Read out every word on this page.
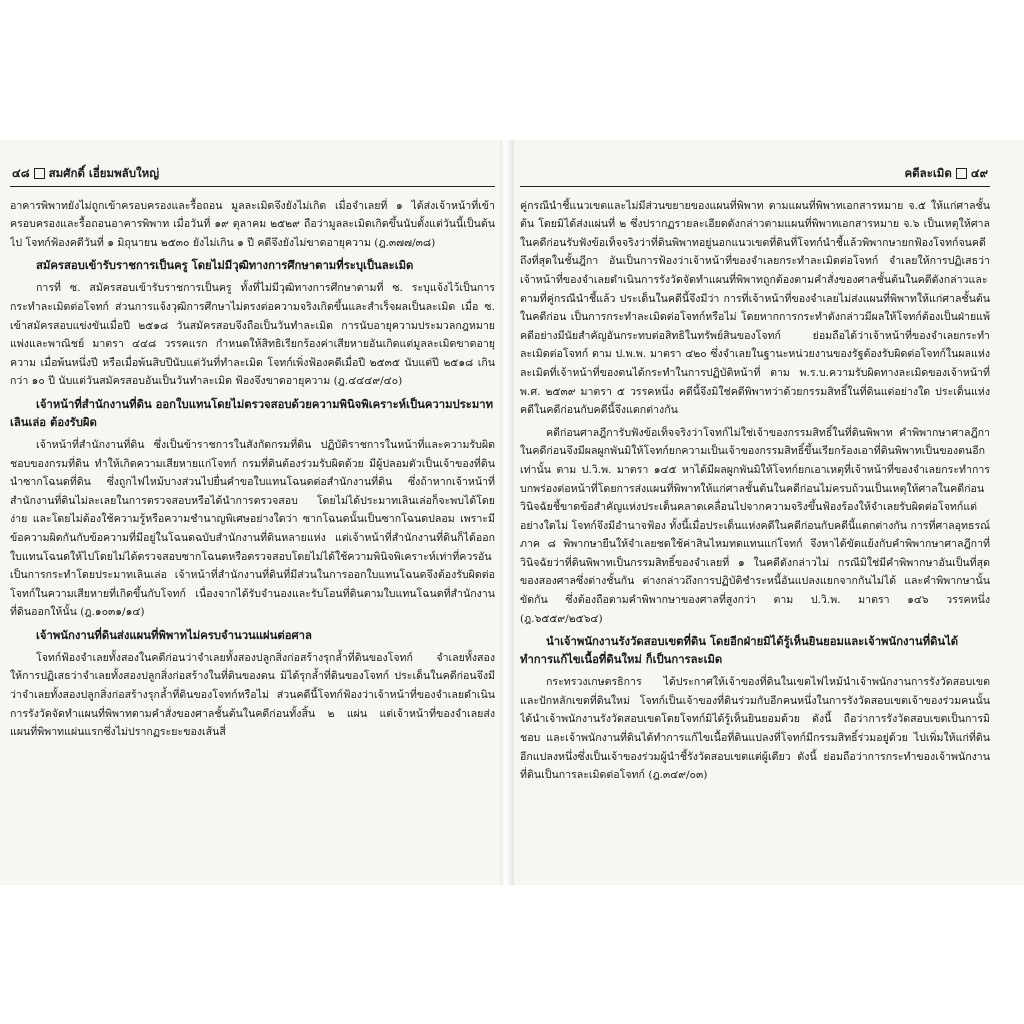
๔๘ สมศักดิ์ เอี่ยมพลับใหญ่

อาคารพิพาทยังไม่ถูกเข้าครอบครองและรื้อถอน มูลละเมิดจึงยังไม่เกิด เมื่อจำเลยที่ ๑ ได้ส่งเจ้าหน้าที่เข้าครอบครองและรื้อถอนอาคารพิพาท เมื่อวันที่ ๑๙ ตุลาคม ๒๕๒๙ ถือว่ามูลละเมิดเกิดขึ้นนับตั้งแต่วันนี้เป็นต้นไป โจทก์ฟ้องคดีวันที่ ๑ มิถุนายน ๒๕๓๐ ยังไม่เกิน ๑ ปี คดีจึงยังไม่ขาดอายุความ (ฎ.๓๗๗/๓๘)

สมัครสอบเข้ารับราชการเป็นครู โดยไม่มีวุฒิทางการศึกษาตามที่ระบุเป็นละเมิด

การที่ ซ. สมัครสอบเข้ารับราชการเป็นครู ทั้งที่ไม่มีวุฒิทางการศึกษาตามที่ ซ. ระบุแจ้งไว้เป็นการกระทำละเมิดต่อโจทก์ ส่วนการแจ้งวุฒิการศึกษาไม่ตรงต่อความจริงเกิดขึ้นและสำเร็จผลเป็นละเมิด เมื่อ ซ. เข้าสมัครสอบแข่งขันเมื่อปี ๒๕๑๘ วันสมัครสอบจึงถือเป็นวันทำละเมิด การนับอายุความประมวลกฎหมายแพ่งและพาณิชย์ มาตรา ๔๔๘ วรรคแรก กำหนดให้สิทธิเรียกร้องค่าเสียหายอันเกิดแต่มูลละเมิดขาดอายุความ เมื่อพ้นหนึ่งปี หรือเมื่อพ้นสิบปีนับแต่วันที่ทำละเมิด โจทก์เพิ่งฟ้องคดีเมื่อปี ๒๕๓๕ นับแต่ปี ๒๕๑๘ เกินกว่า ๑๐ ปี นับแต่วันสมัครสอบอันเป็นวันทำละเมิด ฟ้องจึงขาดอายุความ (ฎ.๔๔๔๙/๔๐)

เจ้าหน้าที่สำนักงานที่ดิน ออกใบแทนโดยไม่ตรวจสอบด้วยความพินิจพิเคราะห์เป็นความประมาทเลินเล่อ ต้องรับผิด

เจ้าหน้าที่สำนักงานที่ดิน ซึ่งเป็นข้าราชการในสังกัดกรมที่ดิน ปฏิบัติราชการในหน้าที่และความรับผิดชอบของกรมที่ดิน ทำให้เกิดความเสียหายแก่โจทก์ กรมที่ดินต้องร่วมรับผิดด้วย มีผู้ปลอมตัวเป็นเจ้าของที่ดินนำซากโฉนดที่ดิน ซึ่งถูกไฟไหม้บางส่วนไปยื่นคำขอใบแทนโฉนดต่อสำนักงานที่ดิน ซึ่งถ้าหากเจ้าหน้าที่สำนักงานที่ดินไม่ละเลยในการตรวจสอบหรือได้นำการตรวจสอบ โดยไม่ได้ประมาทเลินเล่อก็จะพบได้โดยง่าย และโดยไม่ต้องใช้ความรู้หรือความชำนาญพิเศษอย่างใดว่า ซากโฉนดนั้นเป็นซากโฉนดปลอม เพราะมีข้อความผิดกันกับข้อความที่มีอยู่ในโฉนดฉบับสำนักงานที่ดินหลายแห่ง แต่เจ้าหน้าที่สำนักงานที่ดินก็ได้ออกใบแทนโฉนดให้ไปโดยไม่ได้ตรวจสอบซากโฉนดหรือตรวจสอบโดยไม่ได้ใช้ความพินิจพิเคราะห์เท่าที่ควรอันเป็นการกระทำโดยประมาทเลินเล่อ เจ้าหน้าที่สำนักงานที่ดินที่มีส่วนในการออกใบแทนโฉนดจึงต้องรับผิดต่อโจทก์ในความเสียหายที่เกิดขึ้นกับโจทก์ เนื่องจากได้รับจำนองและรับโอนที่ดินตามใบแทนโฉนดที่สำนักงานที่ดินออกให้นั้น (ฎ.๑๐๓๑/๑๔)

เจ้าพนักงานที่ดินส่งแผนที่พิพาทไม่ครบจำนวนแผ่นต่อศาล

โจทก์ฟ้องจำเลยทั้งสองในคดีก่อนว่าจำเลยทั้งสองปลูกสิ่งก่อสร้างรุกล้ำที่ดินของโจทก์ จำเลยทั้งสองให้การปฏิเสธว่าจำเลยทั้งสองปลูกสิ่งก่อสร้างในที่ดินของตน มิได้รุกล้ำที่ดินของโจทก์ ประเด็นในคดีก่อนจึงมีว่าจำเลยทั้งสองปลูกสิ่งก่อสร้างรุกล้ำที่ดินของโจทก์หรือไม่ ส่วนคดีนี้โจทก์ฟ้องว่าเจ้าหน้าที่ของจำเลยดำเนินการรังวัดจัดทำแผนที่พิพาทตามคำสั่งของศาลชั้นต้นในคดีก่อนทั้งสิ้น ๒ แผ่น แต่เจ้าหน้าที่ของจำเลยส่งแผนที่พิพาทแผ่นแรกซึ่งไม่ปรากฏระยะของเส้นสี่

คดีละเมิด ๔๙

คู่กรณีนำชี้แนวเขตและไม่มีส่วนขยายของแผนที่พิพาท ตามแผนที่พิพาทเอกสารหมาย จ.๕ ให้แก่ศาลชั้นต้น โดยมิได้ส่งแผ่นที่ ๒ ซึ่งปรากฏรายละเอียดดังกล่าวตามแผนที่พิพาทเอกสารหมาย จ.๖ เป็นเหตุให้ศาลในคดีก่อนรับฟังข้อเท็จจริงว่าที่ดินพิพาทอยู่นอกแนวเขตที่ดินที่โจทก์นำชี้แล้วพิพากษายกฟ้องโจทก์จนคดีถึงที่สุดในชั้นฎีกา อันเป็นการฟ้องว่าเจ้าหน้าที่ของจำเลยกระทำละเมิดต่อโจทก์ จำเลยให้การปฏิเสธว่า เจ้าหน้าที่ของจำเลยดำเนินการรังวัดจัดทำแผนที่พิพาทถูกต้องตามคำสั่งของศาลชั้นต้นในคดีดังกล่าวและตามที่คู่กรณีนำชี้แล้ว ประเด็นในคดีนี้จึงมีว่า การที่เจ้าหน้าที่ของจำเลยไม่ส่งแผนที่พิพาทให้แก่ศาลชั้นต้นในคดีก่อน เป็นการกระทำละเมิดต่อโจทก์หรือไม่ โดยหากการกระทำดังกล่าวมีผลให้โจทก์ต้องเป็นฝ่ายแพ้คดีอย่างมีนัยสำคัญอันกระทบต่อสิทธิในทรัพย์สินของโจทก์ ย่อมถือได้ว่าเจ้าหน้าที่ของจำเลยกระทำละเมิดต่อโจทก์ ตาม ป.พ.พ. มาตรา ๔๒๐ ซึ่งจำเลยในฐานะหน่วยงานของรัฐต้องรับผิดต่อโจทก์ในผลแห่งละเมิดที่เจ้าหน้าที่ของตนได้กระทำในการปฏิบัติหน้าที่ ตาม พ.ร.บ.ความรับผิดทางละเมิดของเจ้าหน้าที่ พ.ศ. ๒๕๓๙ มาตรา ๕ วรรคหนึ่ง คดีนี้จึงมิใช่คดีพิพาทว่าด้วยกรรมสิทธิ์ในที่ดินแต่อย่างใด ประเด็นแห่งคดีในคดีก่อนกับคดีนี้จึงแตกต่างกัน

คดีก่อนศาลฎีการับฟังข้อเท็จจริงว่าโจทก์ไม่ใช่เจ้าของกรรมสิทธิ์ในที่ดินพิพาท คำพิพากษาศาลฎีกาในคดีก่อนจึงมีผลผูกพันมิให้โจทก์ยกความเป็นเจ้าของกรรมสิทธิ์ขึ้นเรียกร้องเอาที่ดินพิพาทเป็นของตนอีกเท่านั้น ตาม ป.วิ.พ. มาตรา ๑๔๕ หาได้มีผลผูกพันมิให้โจทก์ยกเอาเหตุที่เจ้าหน้าที่ของจำเลยกระทำการบกพร่องต่อหน้าที่โดยการส่งแผนที่พิพาทให้แก่ศาลชั้นต้นในคดีก่อนไม่ครบถ้วนเป็นเหตุให้ศาลในคดีก่อนวินิจฉัยชี้ขาดข้อสำคัญแห่งประเด็นคลาดเคลื่อนไปจากความจริงขึ้นฟ้องร้องให้จำเลยรับผิดต่อโจทก์แต่อย่างใดไม่ โจทก์จึงมีอำนาจฟ้อง ทั้งนี้เมื่อประเด็นแห่งคดีในคดีก่อนกับคดีนี้แตกต่างกัน การที่ศาลอุทธรณ์ภาค ๘ พิพากษายืนให้จำเลยชดใช้ค่าสินไหมทดแทนแก่โจทก์ จึงหาได้ขัดแย้งกับคำพิพากษาศาลฎีกาที่วินิจฉัยว่าที่ดินพิพาทเป็นกรรมสิทธิ์ของจำเลยที่ ๑ ในคดีดังกล่าวไม่ กรณีมิใช่มีคำพิพากษาอันเป็นที่สุดของสองศาลซึ่งต่างชั้นกัน ต่างกล่าวถึงการปฏิบัติชำระหนี้อันแปลงแยกจากกันไม่ได้ และคำพิพากษานั้นขัดกัน ซึ่งต้องถือตามคำพิพากษาของศาลที่สูงกว่า ตาม ป.วิ.พ. มาตรา ๑๔๖ วรรคหนึ่ง (ฎ.๖๕๕๙/๒๕๖๔)

นำเจ้าพนักงานรังวัดสอบเขตที่ดิน โดยอีกฝ่ายมิได้รู้เห็นยินยอมและเจ้าพนักงานที่ดินได้ทำการแก้ไขเนื้อที่ดินใหม่ ก็เป็นการละเมิด

กระทรวงเกษตรธิการ ได้ประกาศให้เจ้าของที่ดินในเขตไฟไหม้นำเจ้าพนักงานการรังวัดสอบเขตและปักหลักเขตที่ดินใหม่ โจทก์เป็นเจ้าของที่ดินร่วมกับอีกคนหนึ่งในการรังวัดสอบเขตเจ้าของร่วมคนนั้นได้นำเจ้าพนักงานรังวัดสอบเขตโดยโจทก์มิได้รู้เห็นยินยอมด้วย ดังนี้ ถือว่าการรังวัดสอบเขตเป็นการมิชอบ และเจ้าพนักงานที่ดินได้ทำการแก้ไขเนื้อที่ดินแปลงที่โจทก์มีกรรมสิทธิ์ร่วมอยู่ด้วย ไปเพิ่มให้แก่ที่ดินอีกแปลงหนึ่งซึ่งเป็นเจ้าของร่วมผู้นำชี้รังวัดสอบเขตแต่ผู้เดียว ดังนี้ ย่อมถือว่าการกระทำของเจ้าพนักงานที่ดินเป็นการละเมิดต่อโจทก์ (ฎ.๓๔๙/๐๓)
